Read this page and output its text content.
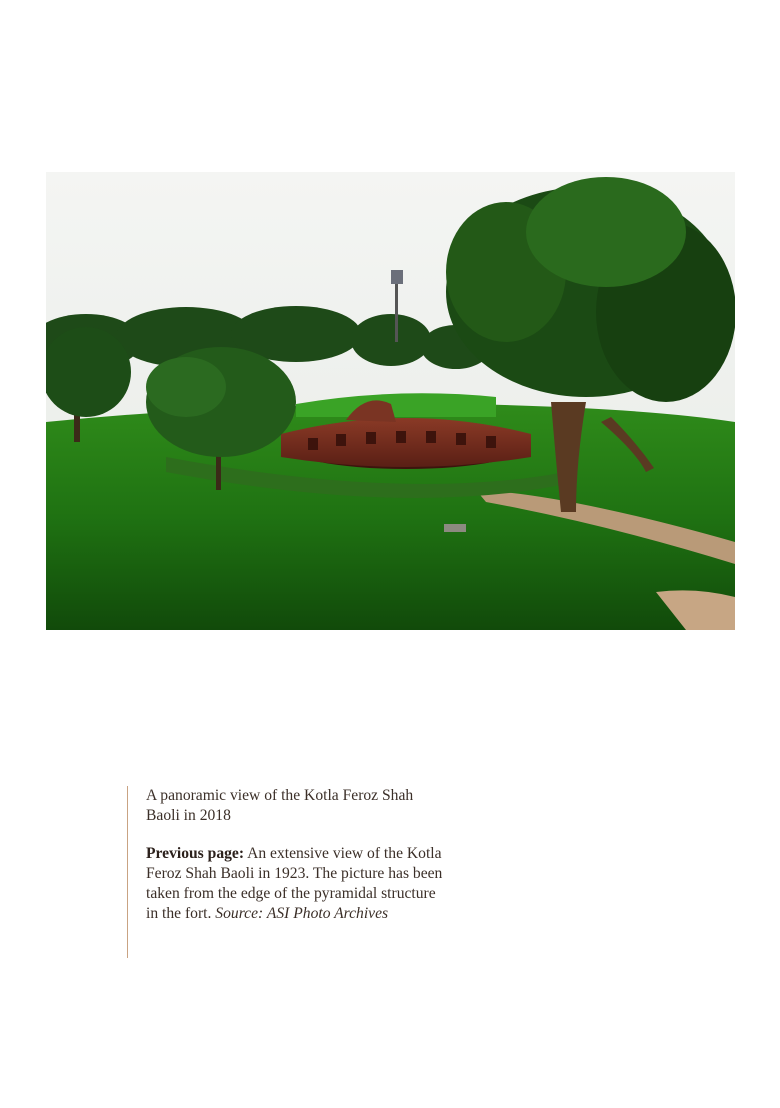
A panoramic view of the Kotla Feroz Shah Baoli in 2018

Previous page: An extensive view of the Kotla Feroz Shah Baoli in 1923. The picture has been taken from the edge of the pyramidal structure in the fort. Source: ASI Photo Archives
